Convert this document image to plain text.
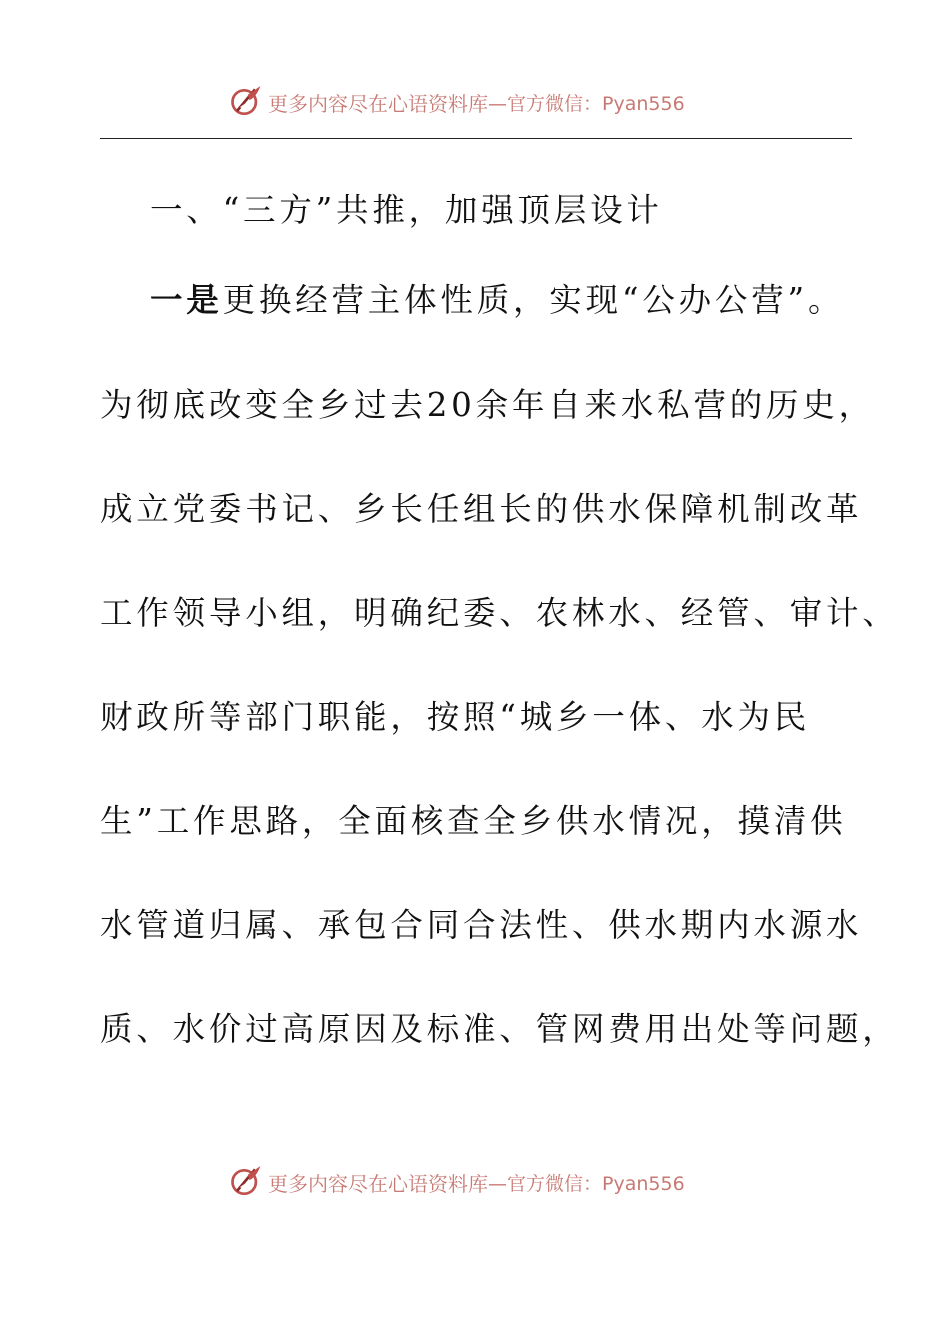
更多内容尽在心语资料库 —官方微信：Pyan556
一、“三方”共推，加强顶层设计
一是更换经营主体性质，实现“公办公营”。
为彻底改变全乡过去20余年自来水私营的历史，
成立党委书记、乡长任组长的供水保障机制改革
工作领导小组，明确纪委、农林水、经管、审计、
财政所等部门职能，按照“城乡一体、水为民
生”工作思路，全面核查全乡供水情况，摸清供
水管道归属、承包合同合法性、供水期内水源水
质、水价过高原因及标准、管网费用出处等问题，
更多内容尽在心语资料库 —官方微信：Pyan556
